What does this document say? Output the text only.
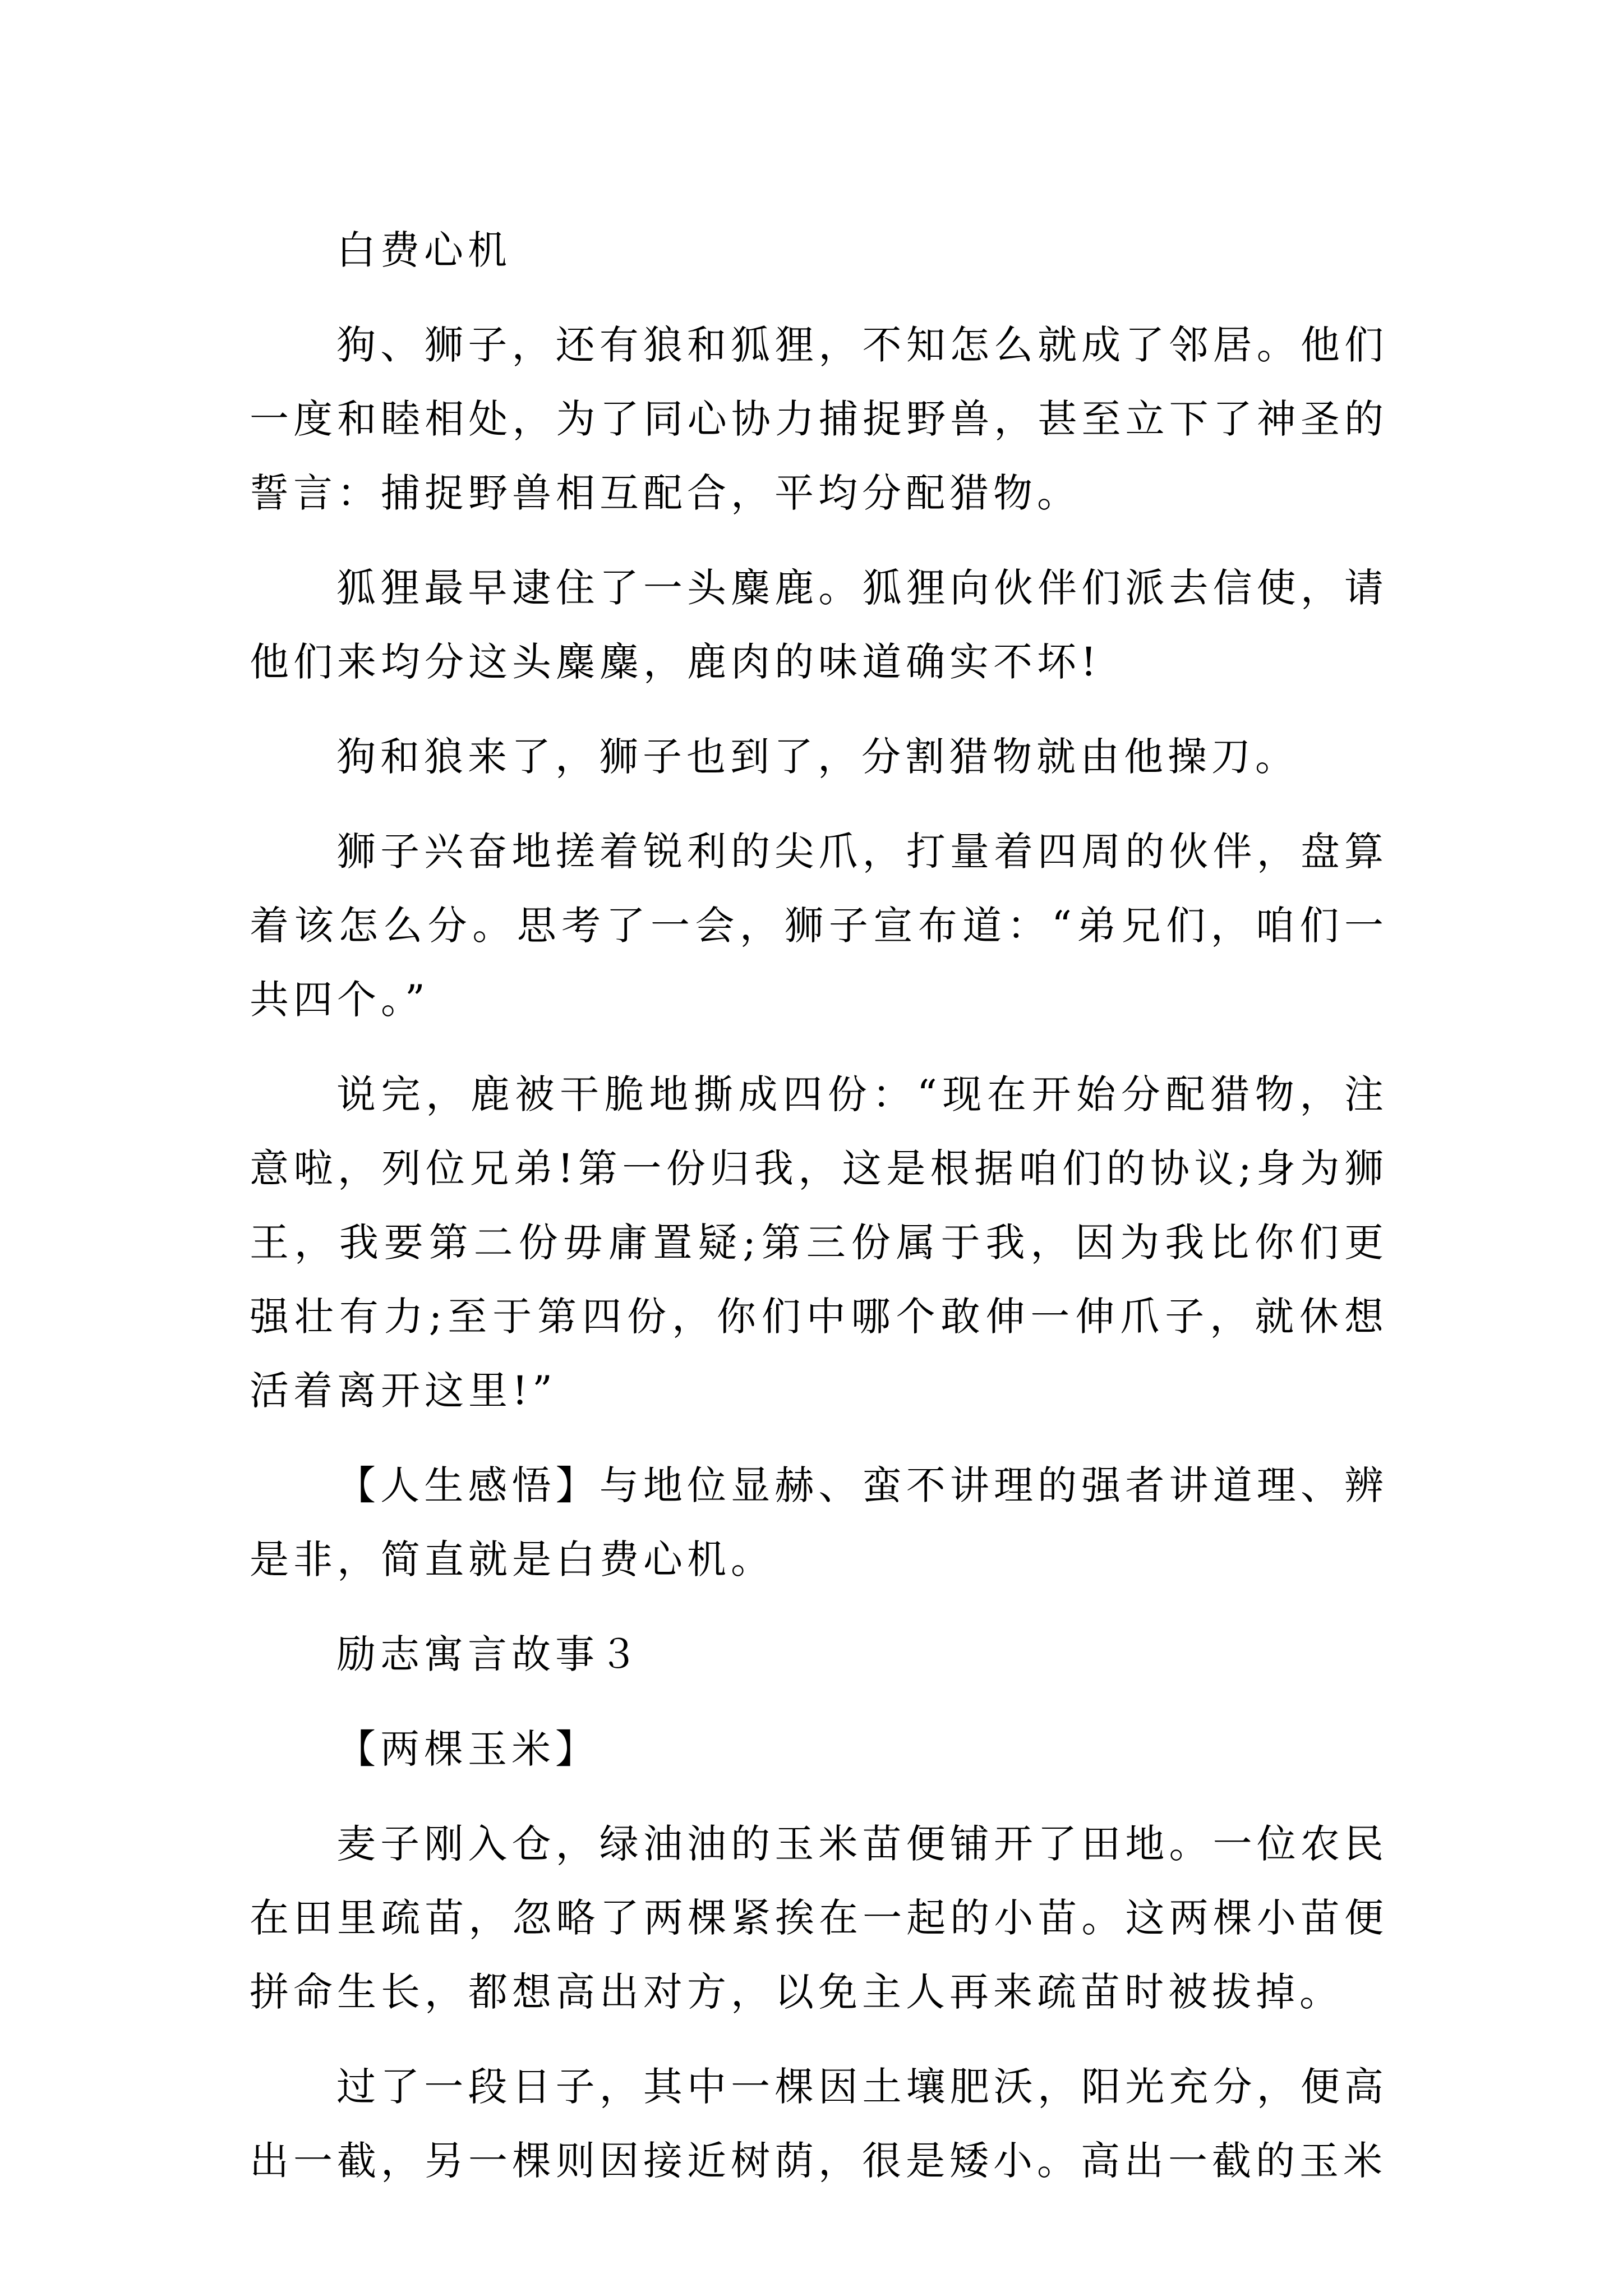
白费心机

狗、狮子，还有狼和狐狸，不知怎么就成了邻居。他们一度和睦相处，为了同心协力捕捉野兽，甚至立下了神圣的誓言：捕捉野兽相互配合，平均分配猎物。

狐狸最早逮住了一头麋鹿。狐狸向伙伴们派去信使，请他们来均分这头麋麋，鹿肉的味道确实不坏!

狗和狼来了，狮子也到了，分割猎物就由他操刀。

狮子兴奋地搓着锐利的尖爪，打量着四周的伙伴，盘算着该怎么分。思考了一会，狮子宣布道：“弟兄们，咱们一共四个。”

说完，鹿被干脆地撕成四份：“现在开始分配猎物，注意啦，列位兄弟!第一份归我，这是根据咱们的协议;身为狮王，我要第二份毋庸置疑;第三份属于我，因为我比你们更强壮有力;至于第四份，你们中哪个敢伸一伸爪子，就休想活着离开这里!”

【人生感悟】与地位显赫、蛮不讲理的强者讲道理、辨是非，简直就是白费心机。

励志寓言故事３

【两棵玉米】

麦子刚入仓，绿油油的玉米苗便铺开了田地。一位农民在田里疏苗，忽略了两棵紧挨在一起的小苗。这两棵小苗便拼命生长，都想高出对方，以免主人再来疏苗时被拔掉。

过了一段日子，其中一棵因土壤肥沃，阳光充分，便高出一截，另一棵则因接近树荫，很是矮小。高出一截的玉米
